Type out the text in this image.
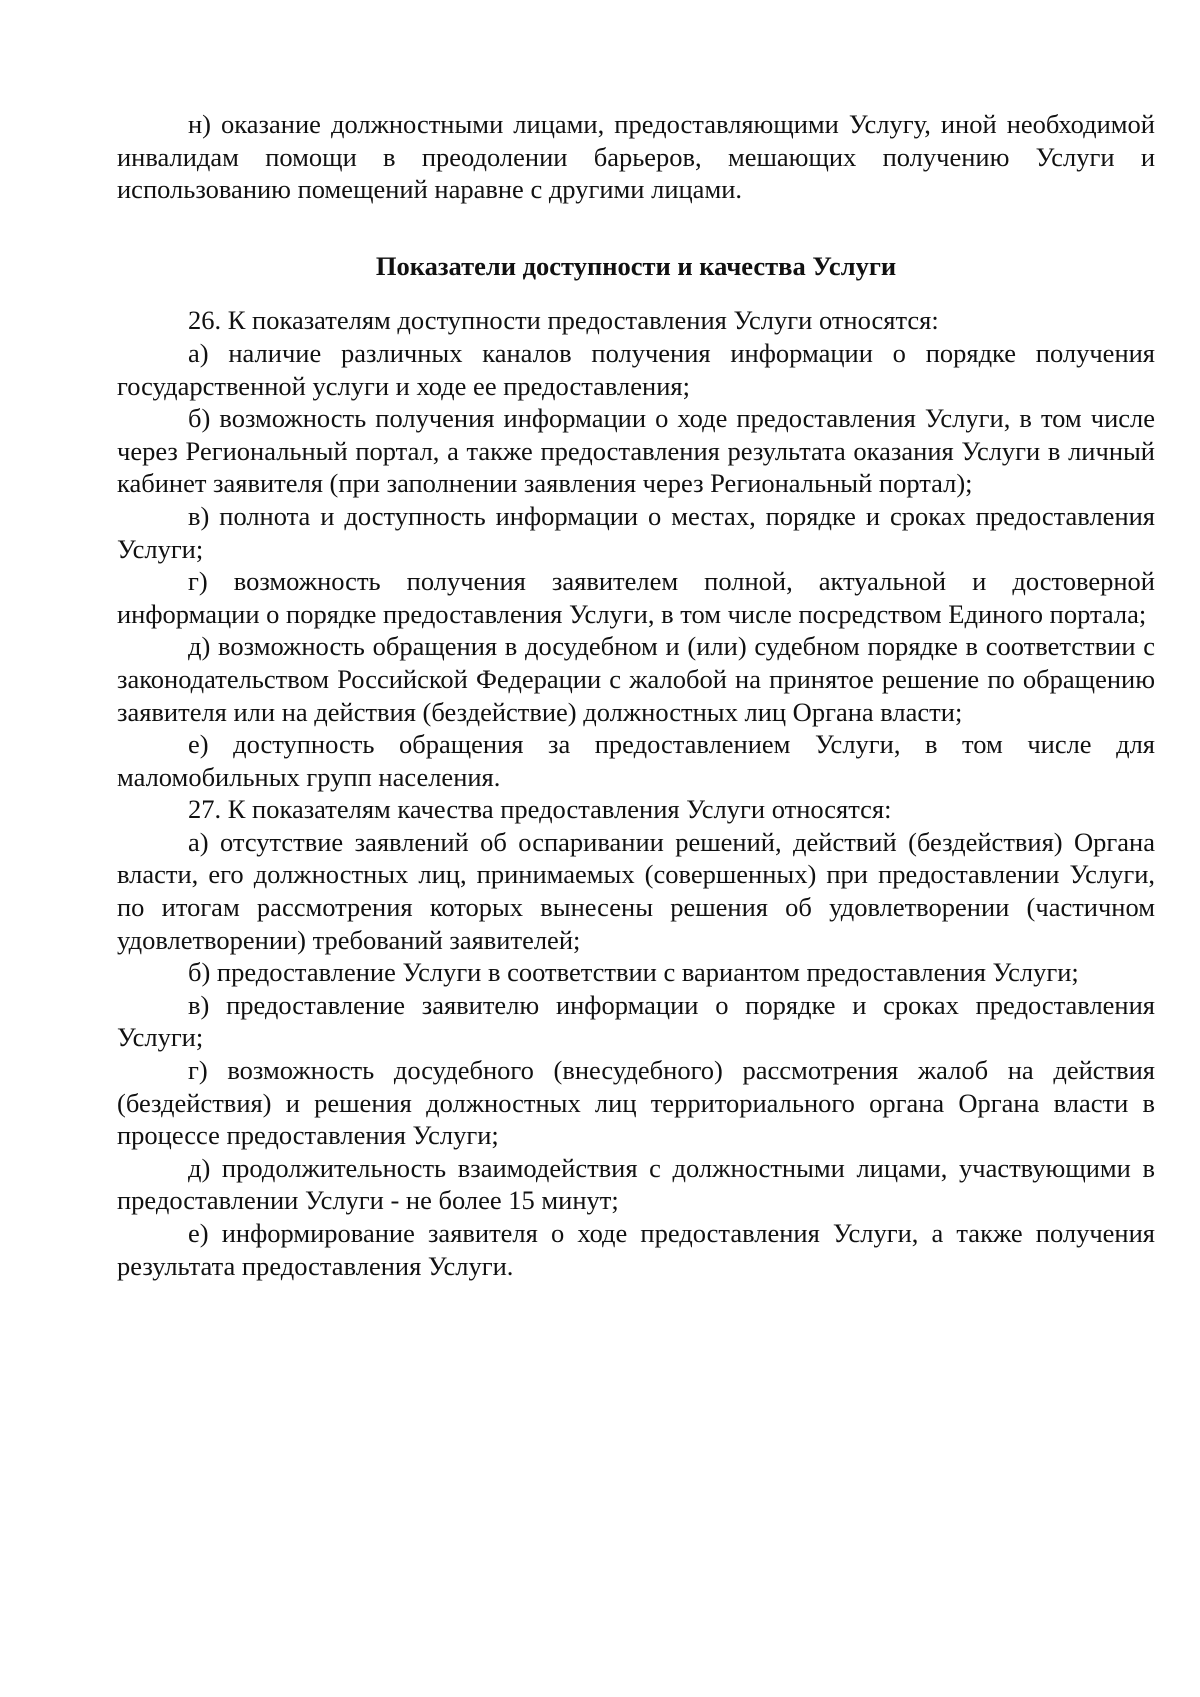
н) оказание должностными лицами, предоставляющими Услугу, иной необходимой инвалидам помощи в преодолении барьеров, мешающих получению Услуги и использованию помещений наравне с другими лицами.

Показатели доступности и качества Услуги

26. К показателям доступности предоставления Услуги относятся:

а) наличие различных каналов получения информации о порядке получения государственной услуги и ходе ее предоставления;

б) возможность получения информации о ходе предоставления Услуги, в том числе через Региональный портал, а также предоставления результата оказания Услуги в личный кабинет заявителя (при заполнении заявления через Региональный портал);

в) полнота и доступность информации о местах, порядке и сроках предоставления Услуги;

г) возможность получения заявителем полной, актуальной и достоверной информации о порядке предоставления Услуги, в том числе посредством Единого портала;

д) возможность обращения в досудебном и (или) судебном порядке в соответствии с законодательством Российской Федерации с жалобой на принятое решение по обращению заявителя или на действия (бездействие) должностных лиц Органа власти;

е) доступность обращения за предоставлением Услуги, в том числе для маломобильных групп населения.

27. К показателям качества предоставления Услуги относятся:

а) отсутствие заявлений об оспаривании решений, действий (бездействия) Органа власти, его должностных лиц, принимаемых (совершенных) при предоставлении Услуги, по итогам рассмотрения которых вынесены решения об удовлетворении (частичном удовлетворении) требований заявителей;

б) предоставление Услуги в соответствии с вариантом предоставления Услуги;

в) предоставление заявителю информации о порядке и сроках предоставления Услуги;

г) возможность досудебного (внесудебного) рассмотрения жалоб на действия (бездействия) и решения должностных лиц территориального органа Органа власти в процессе предоставления Услуги;

д) продолжительность взаимодействия с должностными лицами, участвующими в предоставлении Услуги - не более 15 минут;

е) информирование заявителя о ходе предоставления Услуги, а также получения результата предоставления Услуги.
